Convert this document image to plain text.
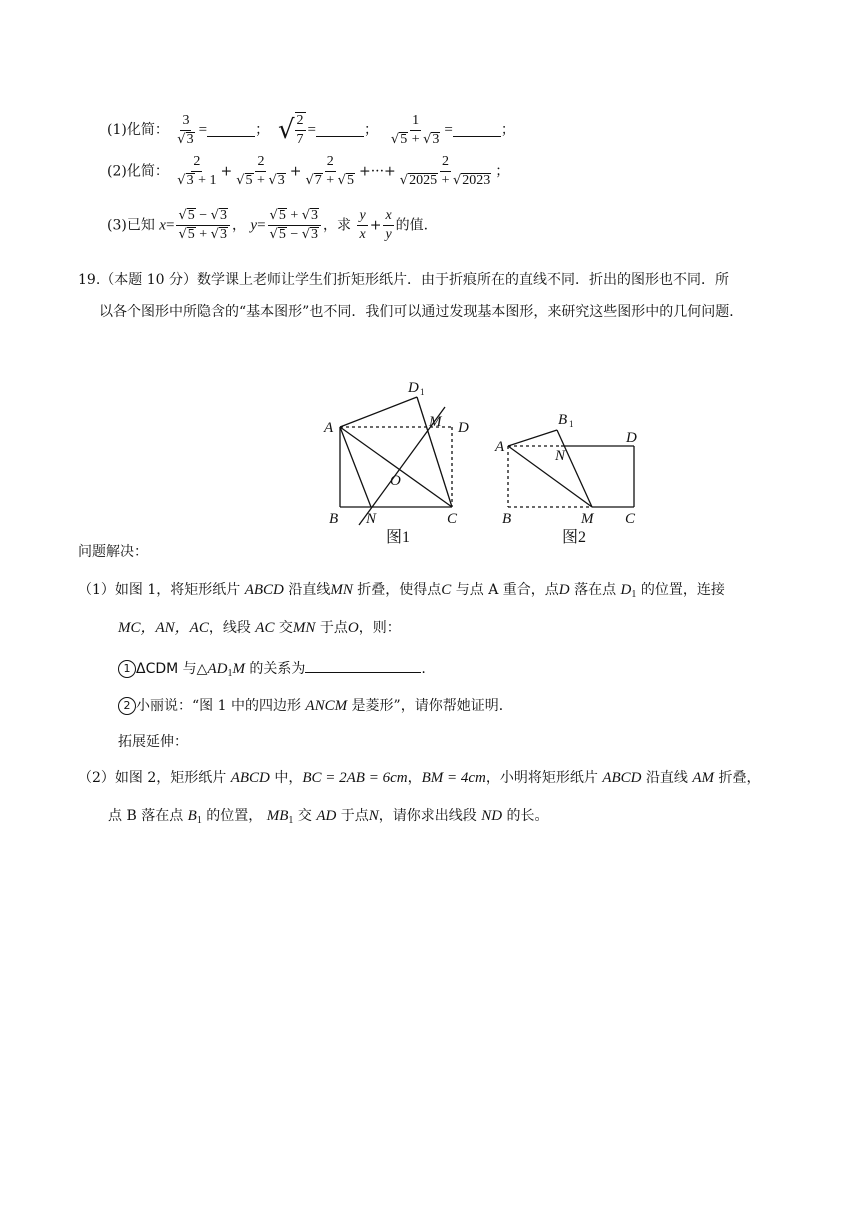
(1)化简： $\frac{3}{√3}$ =	； √ $\frac{2}{7}$ =	； $\frac{1}{√5 + √3}$ =	；
(2)化简： $\frac{2}{√3 + 1} + \frac{2}{√5 + √3} + \frac{2}{√7 + √5}$ +···+ $\frac{2}{√2025 + √2023}$ ；
(3)已知 $x= \frac{√5 - √3}{√5 + √3}$ ， $y= \frac{√5 + √3}{√5 - √3}$ ，求 $\frac{y}{x} + \frac{x}{y}$ 的值.
19.（本题 10 分）数学课上老师让学生们折矩形纸片．由于折痕所在的直线不同．折出的图形也不同．所
以各个图形中所隐含的“基本图形”也不同．我们可以通过发现基本图形，来研究这些图形中的几何问题．
A
B	C
D
D 1
M
N
O
图1
A
B	C
D
B 1
N
M
图2
问题解决：
（1）如图 1，将矩形纸片 ABCD 沿直线MN 折叠，使得点C 与点 A 重合，点D 落在点 $D_1$ 的位置，连接
MC，AN，AC，线段 AC 交MN 于点O，则：
1 ΔCDM 与$\triangle AD_1M$ 的关系为	.
2 小丽说：“图 1 中的四边形 ANCM 是菱形”，请你帮她证明．
拓展延伸：
（2）如图 2，矩形纸片 ABCD 中，BC = 2AB = 6cm，BM = 4cm，小明将矩形纸片 ABCD 沿直线 AM 折叠，
点 B 落在点 $B_1$ 的位置， $MB_1$ 交 AD 于点N，请你求出线段 ND 的长。
